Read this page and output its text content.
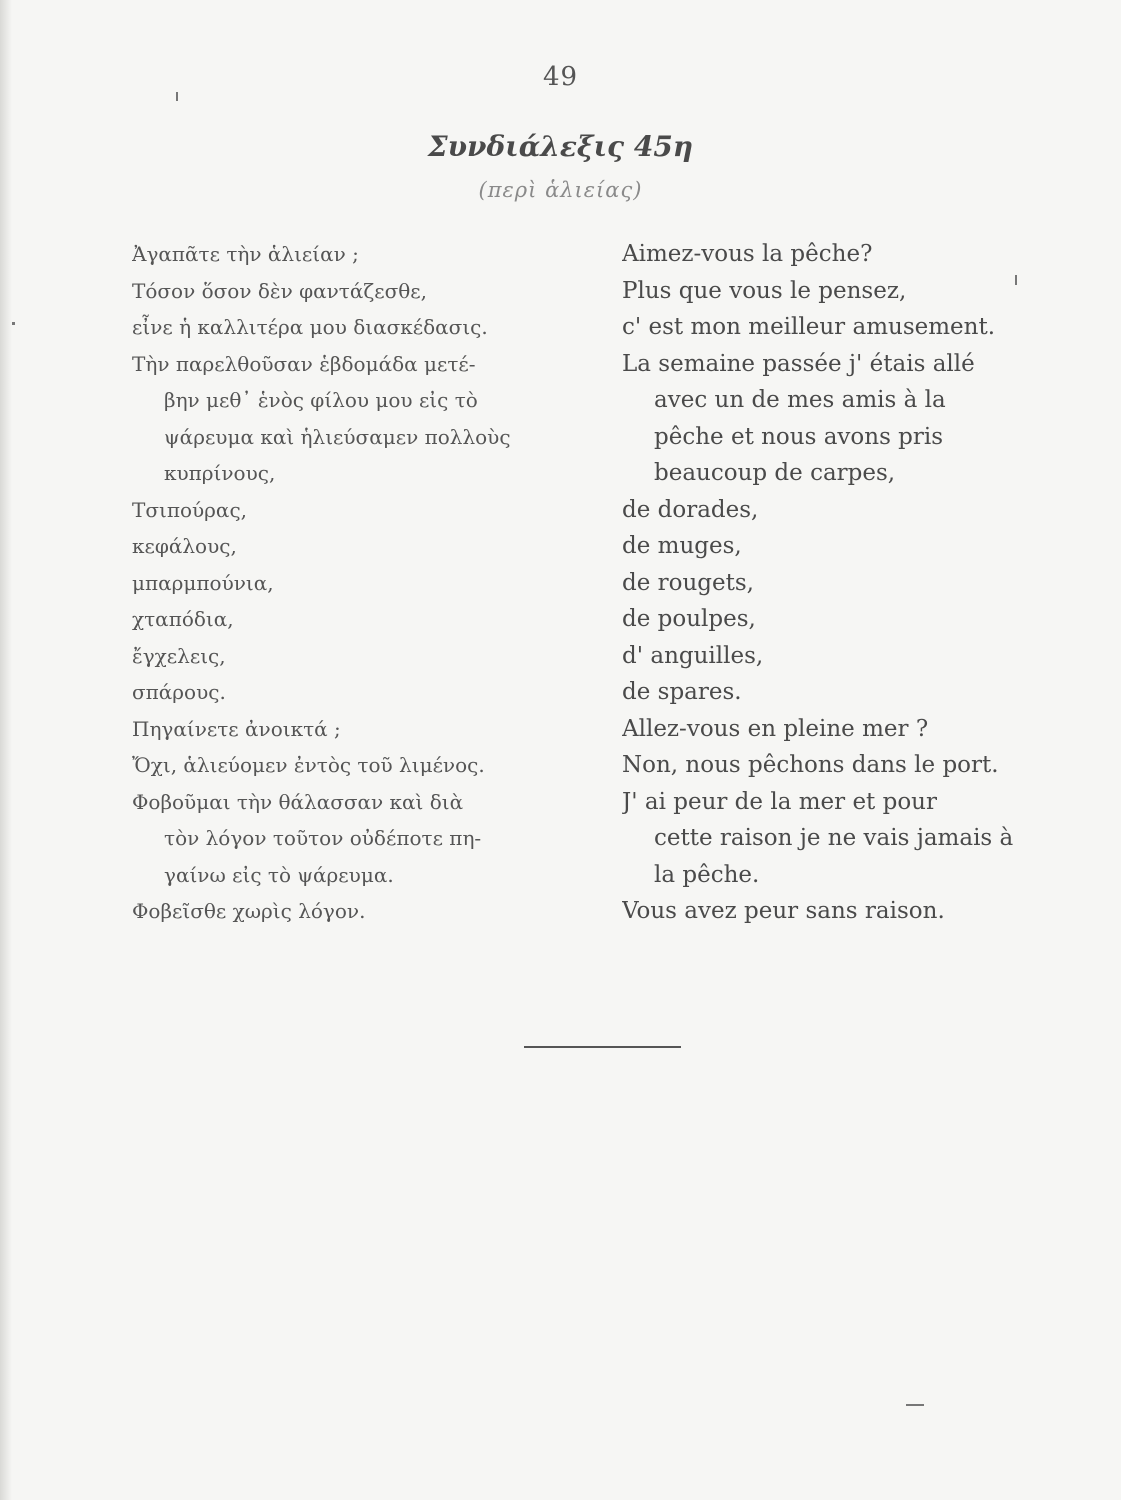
49
Συνδιάλεξις 45η
(περὶ ἁλιείας)
Ἀγαπᾶτε τὴν ἁλιείαν ;
Τόσον ὅσον δὲν φαντάζεσθε,
εἶνε ἡ καλλιτέρα μου διασκέδασις.
Τὴν παρελθοῦσαν ἑβδομάδα μετέ-
βην μεθ᾽ ἑνὸς φίλου μου εἰς τὸ
ψάρευμα καὶ ἡλιεύσαμεν πολλοὺς
κυπρίνους,
Τσιπούρας,
κεφάλους,
μπαρμπούνια,
χταπόδια,
ἔγχελεις,
σπάρους.
Πηγαίνετε ἀνοικτά ;
Ὄχι, ἁλιεύομεν ἐντὸς τοῦ λιμένος.
Φοβοῦμαι τὴν θάλασσαν καὶ διὰ
τὸν λόγον τοῦτον οὐδέποτε πη-
γαίνω εἰς τὸ ψάρευμα.
Φοβεῖσθε χωρὶς λόγον.
Aimez-vous la pêche?
Plus que vous le pensez,
c' est mon meilleur amusement.
La semaine passée j' étais allé
avec un de mes amis à la
pêche et nous avons pris
beaucoup de carpes,
de dorades,
de muges,
de rougets,
de poulpes,
d' anguilles,
de spares.
Allez-vous en pleine mer ?
Non, nous pêchons dans le port.
J' ai peur de la mer et pour
cette raison je ne vais jamais à
la pêche.
Vous avez peur sans raison.
